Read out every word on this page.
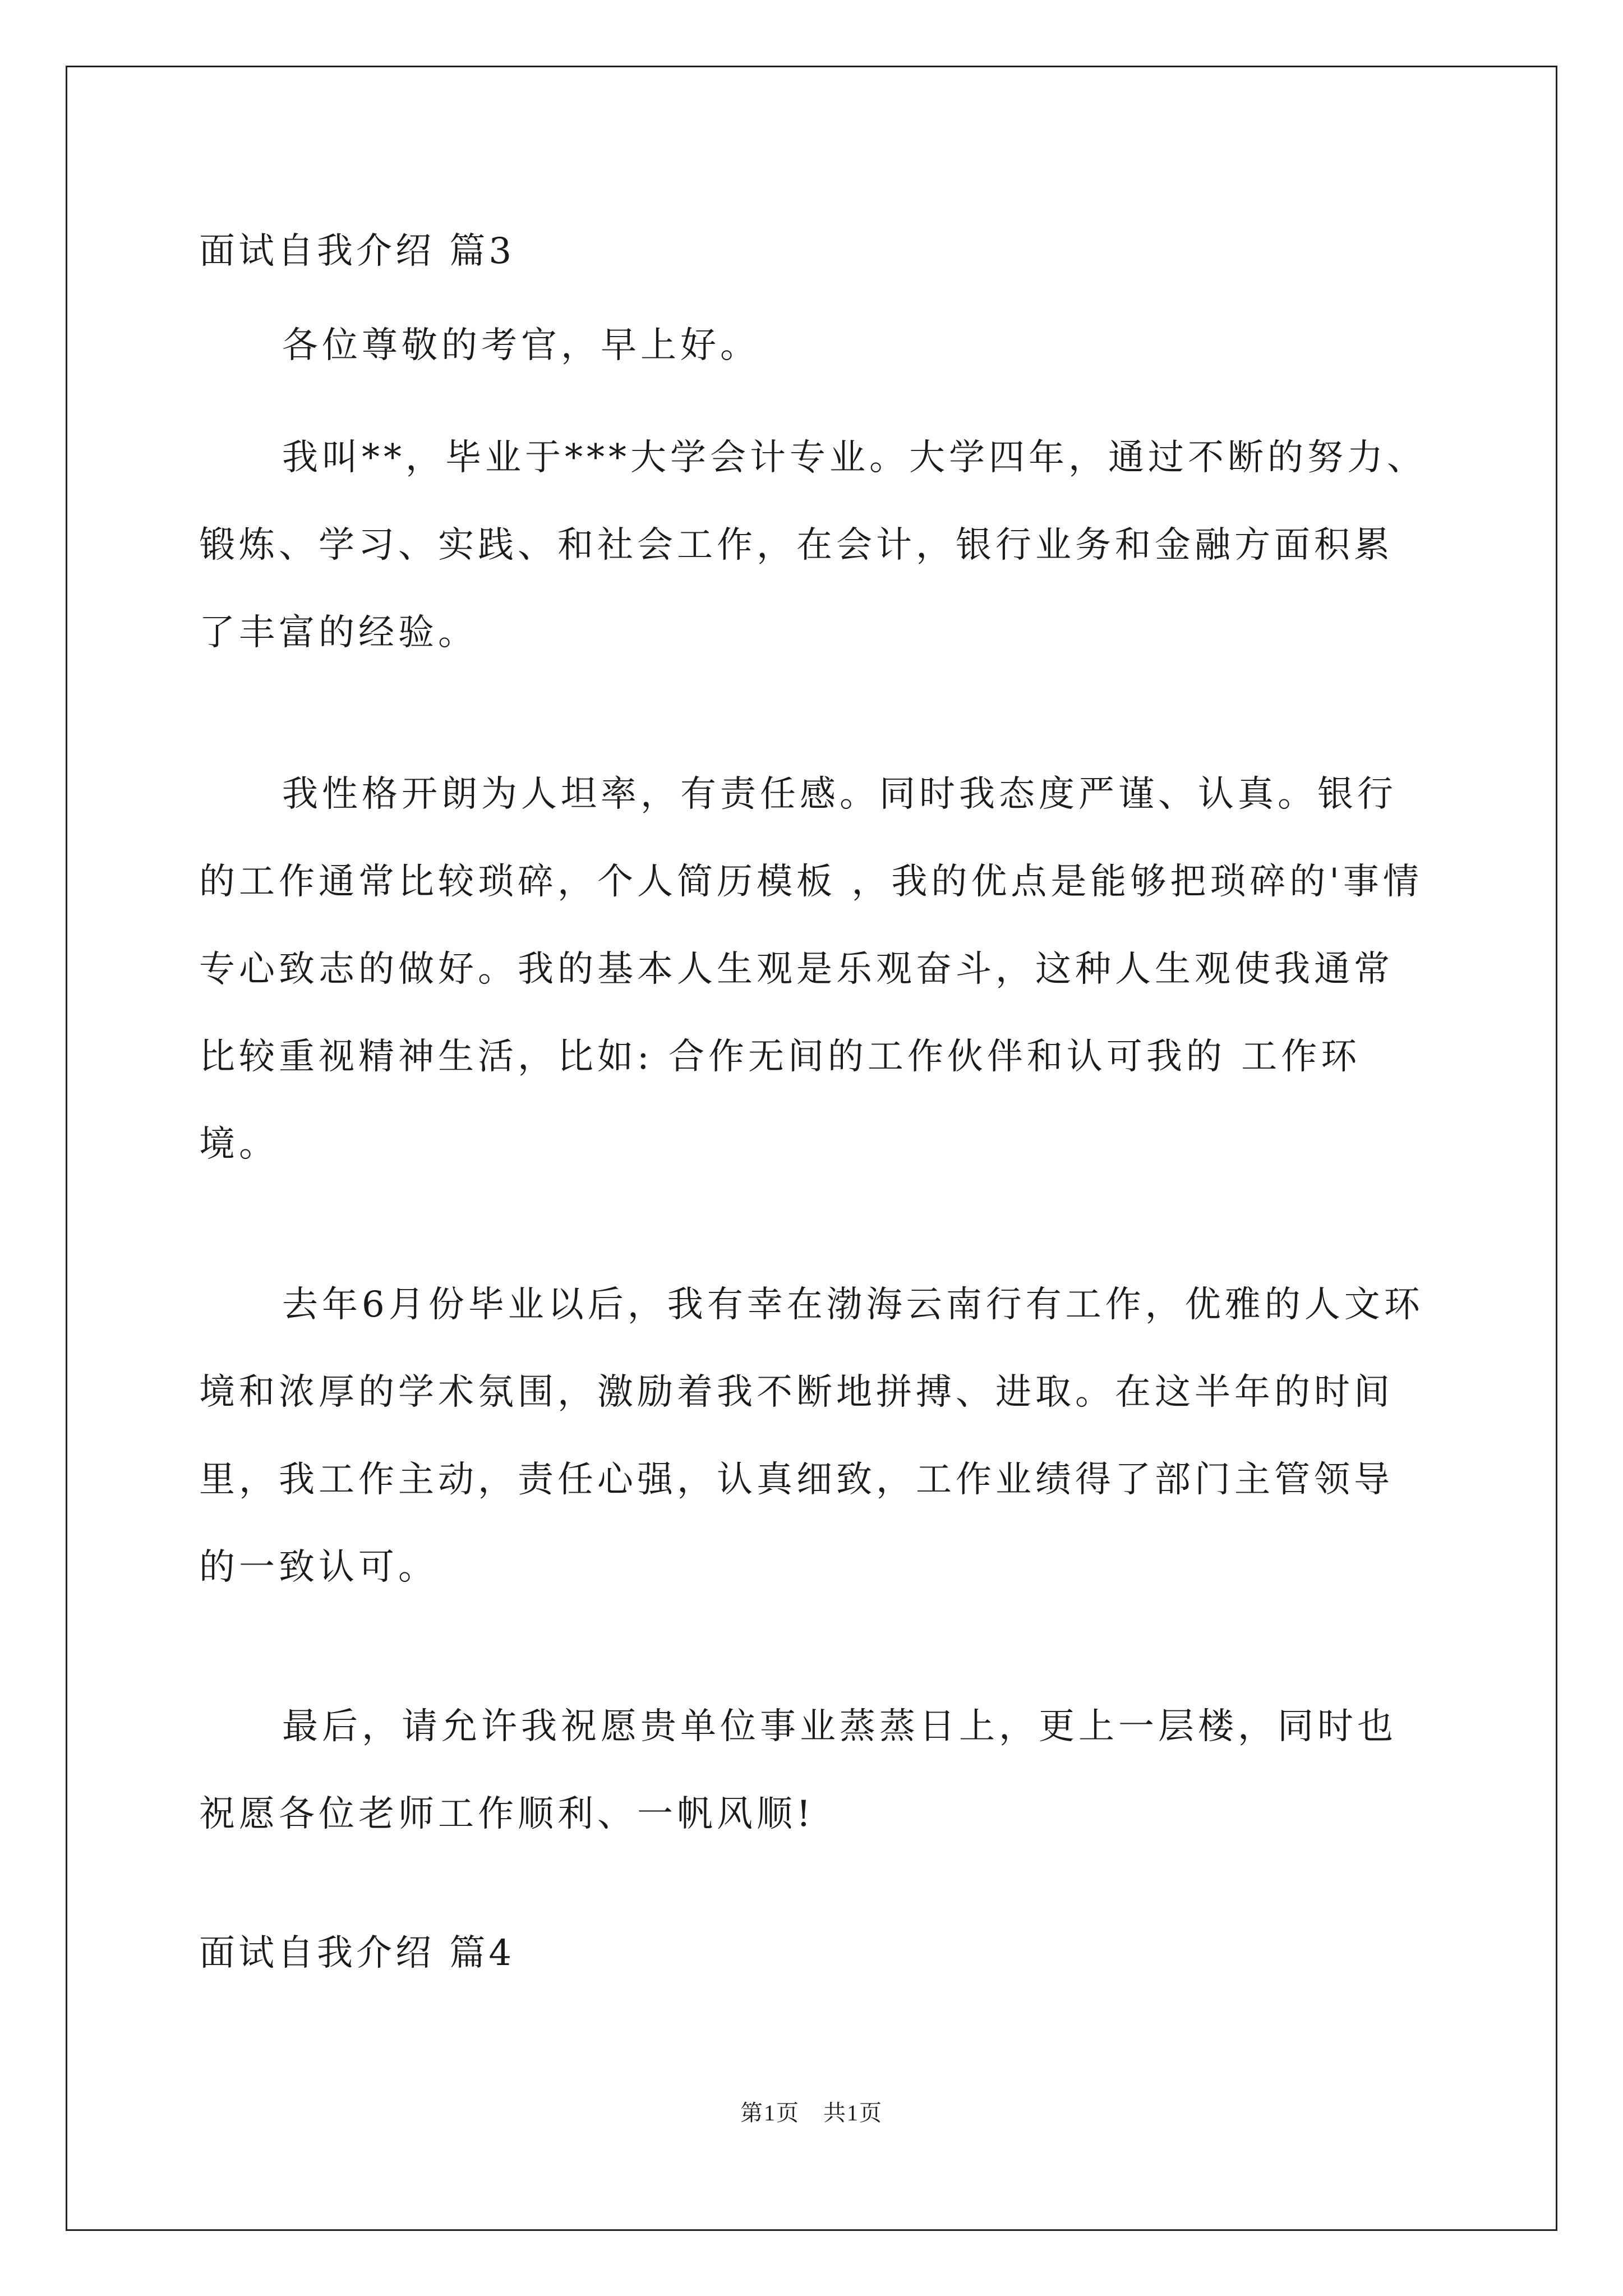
面试自我介绍 篇3

各位尊敬的考官，早上好。

我叫**，毕业于***大学会计专业。大学四年，通过不断的努力、锻炼、学习、实践、和社会工作，在会计，银行业务和金融方面积累了丰富的经验。

我性格开朗为人坦率，有责任感。同时我态度严谨、认真。银行的工作通常比较琐碎，个人简历模板 ，我的优点是能够把琐碎的'事情专心致志的做好。我的基本人生观是乐观奋斗，这种人生观使我通常比较重视精神生活，比如: 合作无间的工作伙伴和认可我的 工作环境。

去年6月份毕业以后，我有幸在渤海云南行有工作，优雅的人文环境和浓厚的学术氛围，激励着我不断地拼搏、进取。在这半年的时间里，我工作主动，责任心强，认真细致，工作业绩得了部门主管领导的一致认可。

最后，请允许我祝愿贵单位事业蒸蒸日上，更上一层楼，同时也祝愿各位老师工作顺利、一帆风顺!

面试自我介绍 篇4
第1页　共1页
